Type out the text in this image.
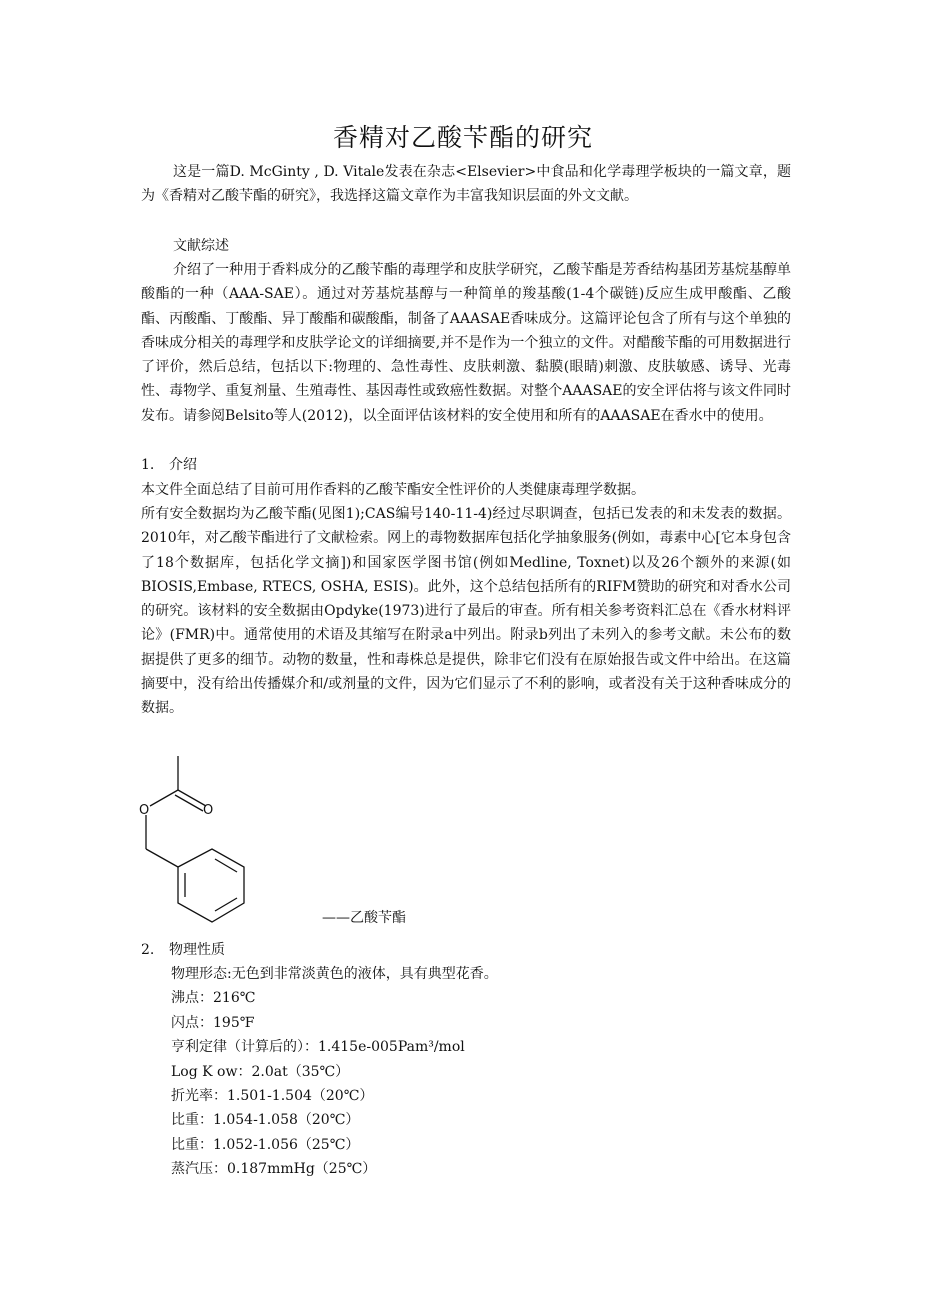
香精对乙酸苄酯的研究

这是一篇D. McGinty , D. Vitale发表在杂志<Elsevier>中食品和化学毒理学板块的一篇文章，题为《香精对乙酸苄酯的研究》，我选择这篇文章作为丰富我知识层面的外文文献。

文献综述

介绍了一种用于香料成分的乙酸苄酯的毒理学和皮肤学研究，乙酸苄酯是芳香结构基团芳基烷基醇单酸酯的一种（AAA-SAE）。通过对芳基烷基醇与一种简单的羧基酸(1-4个碳链)反应生成甲酸酯、乙酸酯、丙酸酯、丁酸酯、异丁酸酯和碳酸酯，制备了AAASAE香味成分。这篇评论包含了所有与这个单独的香味成分相关的毒理学和皮肤学论文的详细摘要,并不是作为一个独立的文件。对醋酸苄酯的可用数据进行了评价，然后总结，包括以下:物理的、急性毒性、皮肤刺激、黏膜(眼睛)刺激、皮肤敏感、诱导、光毒性、毒物学、重复剂量、生殖毒性、基因毒性或致癌性数据。对整个AAASAE的安全评估将与该文件同时发布。请参阅Belsito等人(2012)，以全面评估该材料的安全使用和所有的AAASAE在香水中的使用。

1. 介绍

本文件全面总结了目前可用作香料的乙酸苄酯安全性评价的人类健康毒理学数据。

所有安全数据均为乙酸苄酯(见图1);CAS编号140-11-4)经过尽职调查，包括已发表的和未发表的数据。2010年，对乙酸苄酯进行了文献检索。网上的毒物数据库包括化学抽象服务(例如，毒素中心[它本身包含了18个数据库，包括化学文摘])和国家医学图书馆(例如Medline, Toxnet)以及26个额外的来源(如BIOSIS,Embase, RTECS, OSHA, ESIS)。此外，这个总结包括所有的RIFM赞助的研究和对香水公司的研究。该材料的安全数据由Opdyke(1973)进行了最后的审查。所有相关参考资料汇总在《香水材料评论》(FMR)中。通常使用的术语及其缩写在附录a中列出。附录b列出了未列入的参考文献。未公布的数据提供了更多的细节。动物的数量，性和毒株总是提供，除非它们没有在原始报告或文件中给出。在这篇摘要中，没有给出传播媒介和/或剂量的文件，因为它们显示了不利的影响，或者没有关于这种香味成分的数据。

O	O
——乙酸苄酯
2. 物理性质
物理形态:无色到非常淡黄色的液体，具有典型花香。
沸点：216℃
闪点：195℉
亨利定律（计算后的）：1.415e-005Pam³/mol
Log K ow：2.0at（35℃）
折光率：1.501-1.504（20℃）
比重：1.054-1.058（20℃）
比重：1.052-1.056（25℃）
蒸汽压：0.187mmHg（25℃）
